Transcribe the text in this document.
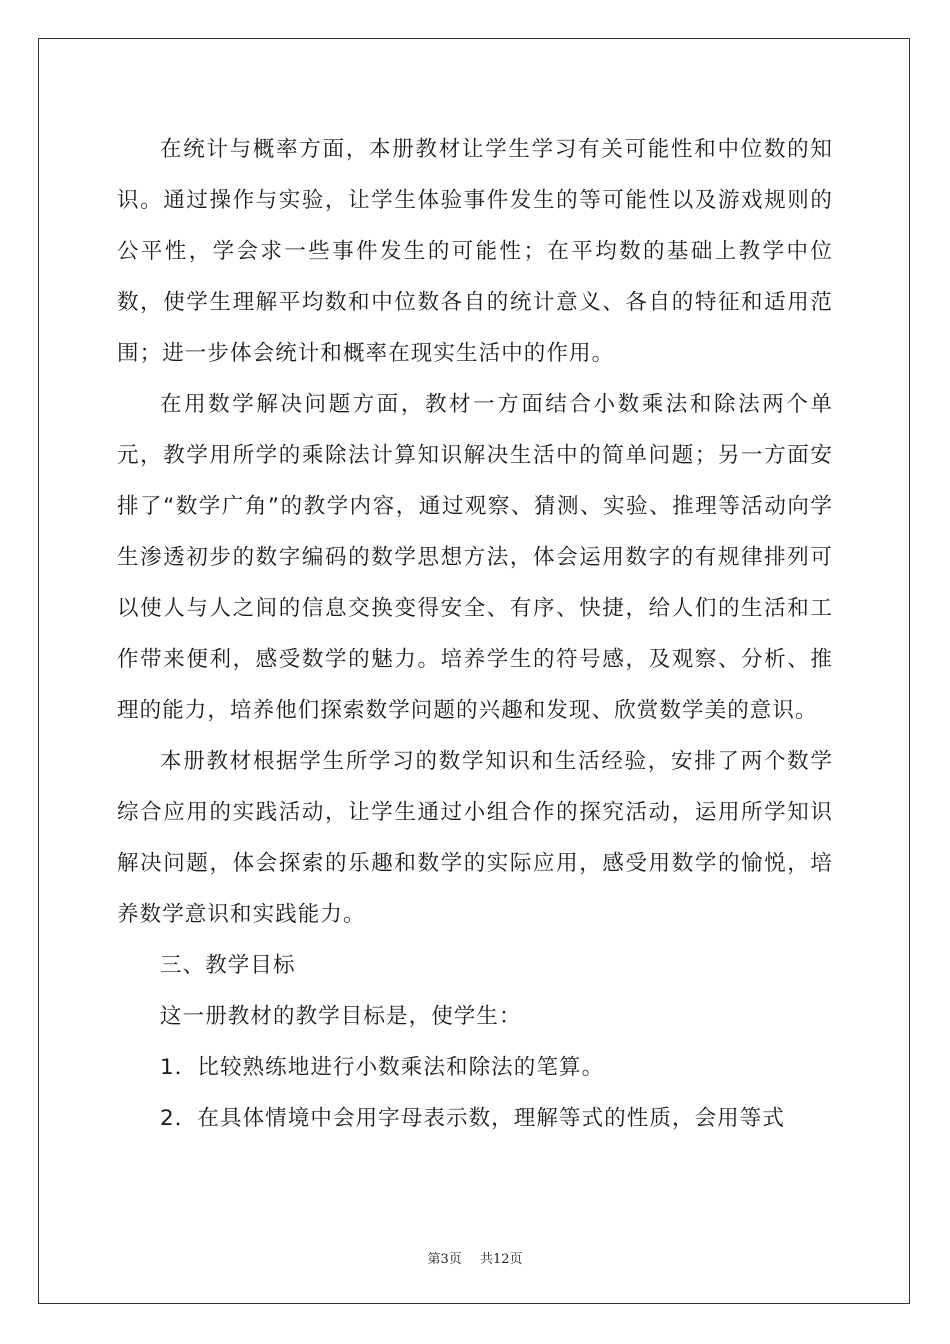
在统计与概率方面，本册教材让学生学习有关可能性和中位数的知识。通过操作与实验，让学生体验事件发生的等可能性以及游戏规则的公平性，学会求一些事件发生的可能性；在平均数的基础上教学中位数，使学生理解平均数和中位数各自的统计意义、各自的特征和适用范围；进一步体会统计和概率在现实生活中的作用。

在用数学解决问题方面，教材一方面结合小数乘法和除法两个单元，教学用所学的乘除法计算知识解决生活中的简单问题；另一方面安排了“数学广角”的教学内容，通过观察、猜测、实验、推理等活动向学生渗透初步的数字编码的数学思想方法，体会运用数字的有规律排列可以使人与人之间的信息交换变得安全、有序、快捷，给人们的生活和工作带来便利，感受数学的魅力。培养学生的符号感，及观察、分析、推理的能力，培养他们探索数学问题的兴趣和发现、欣赏数学美的意识。

本册教材根据学生所学习的数学知识和生活经验，安排了两个数学综合应用的实践活动，让学生通过小组合作的探究活动，运用所学知识解决问题，体会探索的乐趣和数学的实际应用，感受用数学的愉悦，培养数学意识和实践能力。

三、教学目标

这一册教材的教学目标是，使学生：

1．比较熟练地进行小数乘法和除法的笔算。

2．在具体情境中会用字母表示数，理解等式的性质，会用等式

第3页 共12页
